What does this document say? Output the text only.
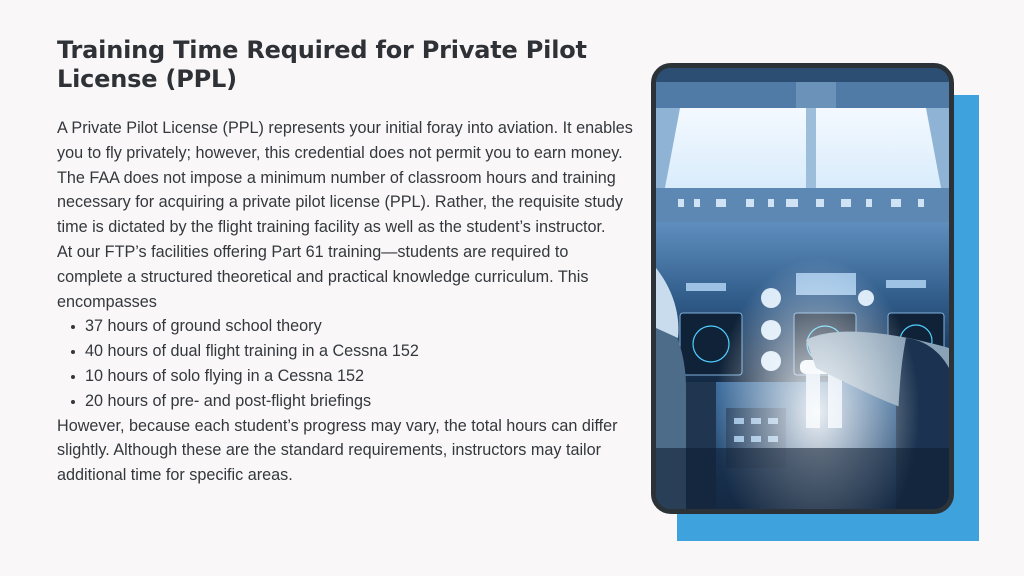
Training Time Required for Private Pilot License (PPL)

A Private Pilot License (PPL) represents your initial foray into aviation. It enables you to fly privately; however, this credential does not permit you to earn money.

The FAA does not impose a minimum number of classroom hours and training necessary for acquiring a private pilot license (PPL). Rather, the requisite study time is dictated by the flight training facility as well as the student’s instructor.

At our FTP’s facilities offering Part 61 training—students are required to complete a structured theoretical and practical knowledge curriculum. This encompasses

37 hours of ground school theory
40 hours of dual flight training in a Cessna 152
10 hours of solo flying in a Cessna 152
20 hours of pre- and post-flight briefings

However, because each student’s progress may vary, the total hours can differ slightly. Although these are the standard requirements, instructors may tailor additional time for specific areas.
